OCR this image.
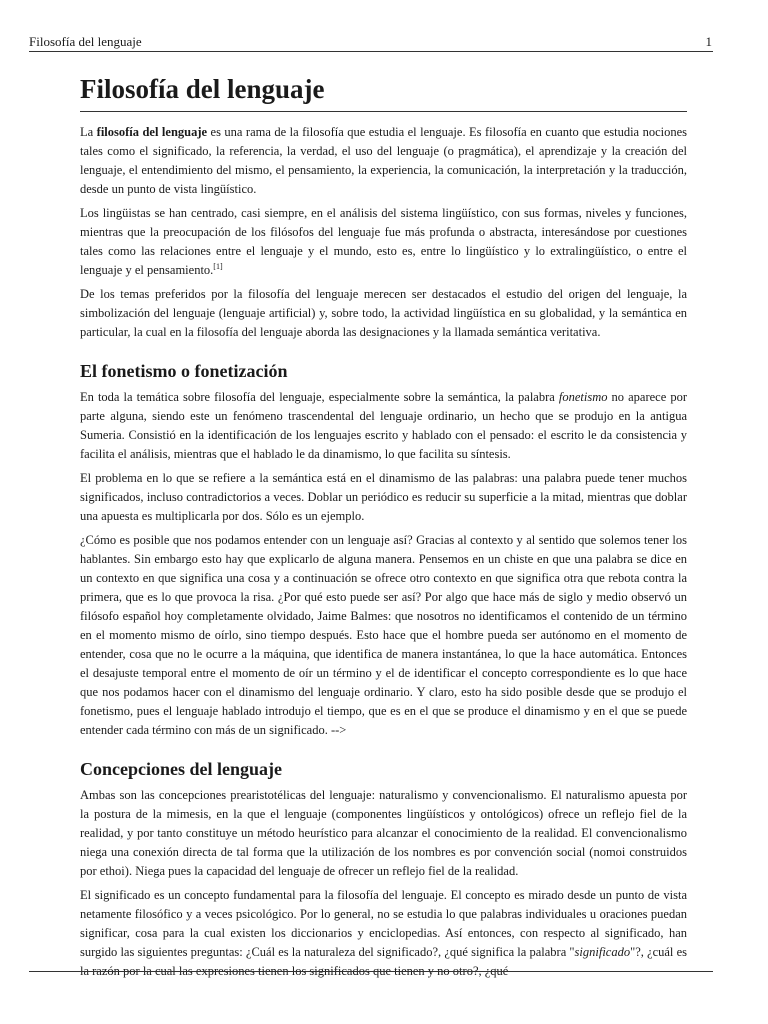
Filosofía del lenguaje	1
Filosofía del lenguaje

La filosofía del lenguaje es una rama de la filosofía que estudia el lenguaje. Es filosofía en cuanto que estudia nociones tales como el significado, la referencia, la verdad, el uso del lenguaje (o pragmática), el aprendizaje y la creación del lenguaje, el entendimiento del mismo, el pensamiento, la experiencia, la comunicación, la interpretación y la traducción, desde un punto de vista lingüístico.

Los lingüistas se han centrado, casi siempre, en el análisis del sistema lingüístico, con sus formas, niveles y funciones, mientras que la preocupación de los filósofos del lenguaje fue más profunda o abstracta, interesándose por cuestiones tales como las relaciones entre el lenguaje y el mundo, esto es, entre lo lingüístico y lo extralingüístico, o entre el lenguaje y el pensamiento.[1]

De los temas preferidos por la filosofía del lenguaje merecen ser destacados el estudio del origen del lenguaje, la simbolización del lenguaje (lenguaje artificial) y, sobre todo, la actividad lingüística en su globalidad, y la semántica en particular, la cual en la filosofía del lenguaje aborda las designaciones y la llamada semántica veritativa.

El fonetismo o fonetización

En toda la temática sobre filosofía del lenguaje, especialmente sobre la semántica, la palabra fonetismo no aparece por parte alguna, siendo este un fenómeno trascendental del lenguaje ordinario, un hecho que se produjo en la antigua Sumeria. Consistió en la identificación de los lenguajes escrito y hablado con el pensado: el escrito le da consistencia y facilita el análisis, mientras que el hablado le da dinamismo, lo que facilita su síntesis.

El problema en lo que se refiere a la semántica está en el dinamismo de las palabras: una palabra puede tener muchos significados, incluso contradictorios a veces. Doblar un periódico es reducir su superficie a la mitad, mientras que doblar una apuesta es multiplicarla por dos. Sólo es un ejemplo.

¿Cómo es posible que nos podamos entender con un lenguaje así? Gracias al contexto y al sentido que solemos tener los hablantes. Sin embargo esto hay que explicarlo de alguna manera. Pensemos en un chiste en que una palabra se dice en un contexto en que significa una cosa y a continuación se ofrece otro contexto en que significa otra que rebota contra la primera, que es lo que provoca la risa. ¿Por qué esto puede ser así? Por algo que hace más de siglo y medio observó un filósofo español hoy completamente olvidado, Jaime Balmes: que nosotros no identificamos el contenido de un término en el momento mismo de oírlo, sino tiempo después. Esto hace que el hombre pueda ser autónomo en el momento de entender, cosa que no le ocurre a la máquina, que identifica de manera instantánea, lo que la hace automática. Entonces el desajuste temporal entre el momento de oír un término y el de identificar el concepto correspondiente es lo que hace que nos podamos hacer con el dinamismo del lenguaje ordinario. Y claro, esto ha sido posible desde que se produjo el fonetismo, pues el lenguaje hablado introdujo el tiempo, que es en el que se produce el dinamismo y en el que se puede entender cada término con más de un significado. -->

Concepciones del lenguaje

Ambas son las concepciones prearistotélicas del lenguaje: naturalismo y convencionalismo. El naturalismo apuesta por la postura de la mimesis, en la que el lenguaje (componentes lingüísticos y ontológicos) ofrece un reflejo fiel de la realidad, y por tanto constituye un método heurístico para alcanzar el conocimiento de la realidad. El convencionalismo niega una conexión directa de tal forma que la utilización de los nombres es por convención social (nomoi construidos por ethoi). Niega pues la capacidad del lenguaje de ofrecer un reflejo fiel de la realidad.

El significado es un concepto fundamental para la filosofía del lenguaje. El concepto es mirado desde un punto de vista netamente filosófico y a veces psicológico. Por lo general, no se estudia lo que palabras individuales u oraciones puedan significar, cosa para la cual existen los diccionarios y enciclopedias. Así entonces, con respecto al significado, han surgido las siguientes preguntas: ¿Cuál es la naturaleza del significado?, ¿qué significa la palabra "significado"?, ¿cuál es la razón por la cual las expresiones tienen los significados que tienen y no otro?, ¿qué
